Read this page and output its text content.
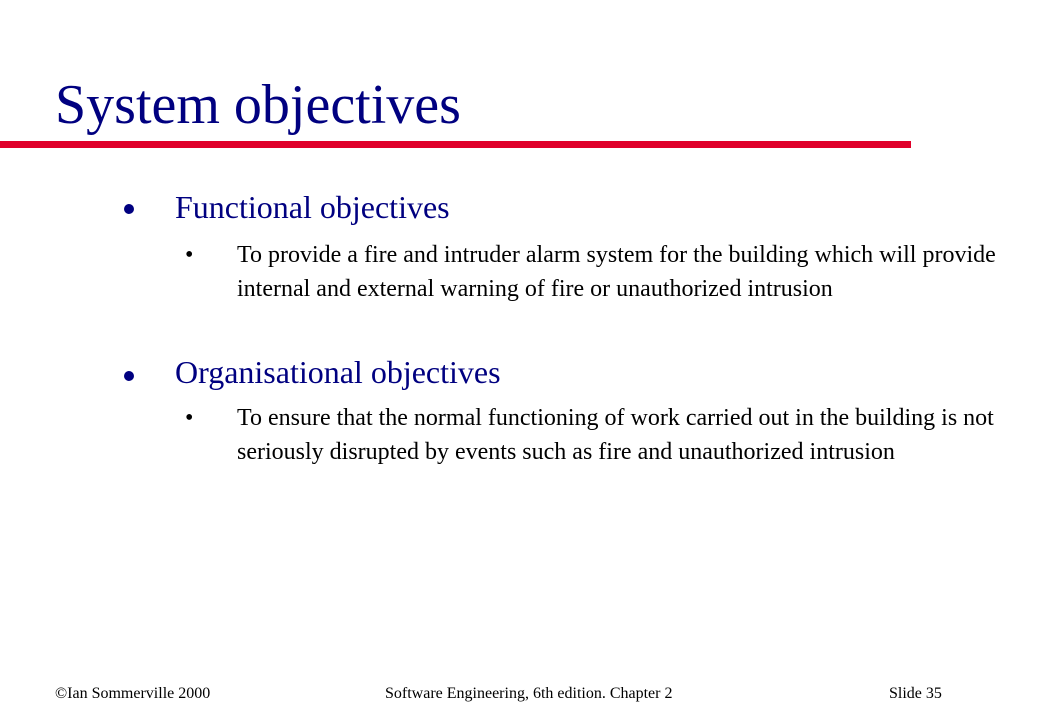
System objectives
Functional objectives
• To provide a fire and intruder alarm system for the building which will provide internal and external warning of fire or unauthorized intrusion
Organisational objectives
• To ensure that the normal functioning of work carried out in the building is not seriously disrupted by events such as fire and unauthorized intrusion
©Ian Sommerville 2000	Software Engineering, 6th edition. Chapter 2	Slide 35
